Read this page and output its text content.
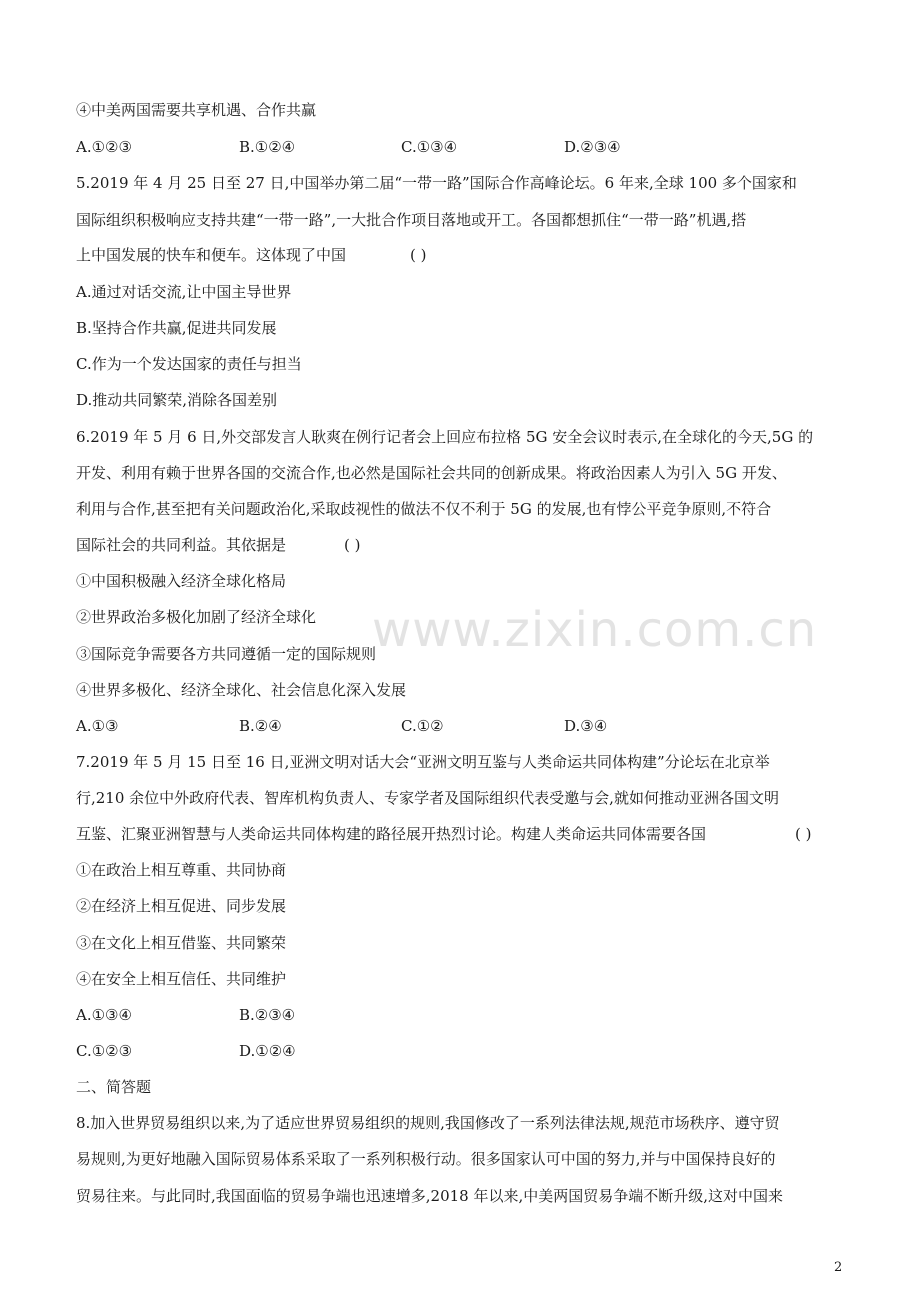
www.zixin.com.cn
④中美两国需要共享机遇、合作共赢
A.①②③	B.①②④	C.①③④	D.②③④
5.2019 年 4 月 25 日至 27 日,中国举办第二届“一带一路”国际合作高峰论坛。6 年来,全球 100 多个国家和
国际组织积极响应支持共建“一带一路”,一大批合作项目落地或开工。各国都想抓住“一带一路”机遇,搭
上中国发展的快车和便车。这体现了中国	( )
A.通过对话交流,让中国主导世界
B.坚持合作共赢,促进共同发展
C.作为一个发达国家的责任与担当
D.推动共同繁荣,消除各国差别
6.2019 年 5 月 6 日,外交部发言人耿爽在例行记者会上回应布拉格 5G 安全会议时表示,在全球化的今天,5G 的
开发、利用有赖于世界各国的交流合作,也必然是国际社会共同的创新成果。将政治因素人为引入 5G 开发、
利用与合作,甚至把有关问题政治化,采取歧视性的做法不仅不利于 5G 的发展,也有悖公平竞争原则,不符合
国际社会的共同利益。其依据是	( )
①中国积极融入经济全球化格局
②世界政治多极化加剧了经济全球化
③国际竞争需要各方共同遵循一定的国际规则
④世界多极化、经济全球化、社会信息化深入发展
A.①③	B.②④	C.①②	D.③④
7.2019 年 5 月 15 日至 16 日,亚洲文明对话大会“亚洲文明互鉴与人类命运共同体构建”分论坛在北京举
行,210 余位中外政府代表、智库机构负责人、专家学者及国际组织代表受邀与会,就如何推动亚洲各国文明
互鉴、汇聚亚洲智慧与人类命运共同体构建的路径展开热烈讨论。构建人类命运共同体需要各国	( )
①在政治上相互尊重、共同协商
②在经济上相互促进、同步发展
③在文化上相互借鉴、共同繁荣
④在安全上相互信任、共同维护
A.①③④	B.②③④
C.①②③	D.①②④
二、简答题
8.加入世界贸易组织以来,为了适应世界贸易组织的规则,我国修改了一系列法律法规,规范市场秩序、遵守贸
易规则,为更好地融入国际贸易体系采取了一系列积极行动。很多国家认可中国的努力,并与中国保持良好的
贸易往来。与此同时,我国面临的贸易争端也迅速增多,2018 年以来,中美两国贸易争端不断升级,这对中国来
2
